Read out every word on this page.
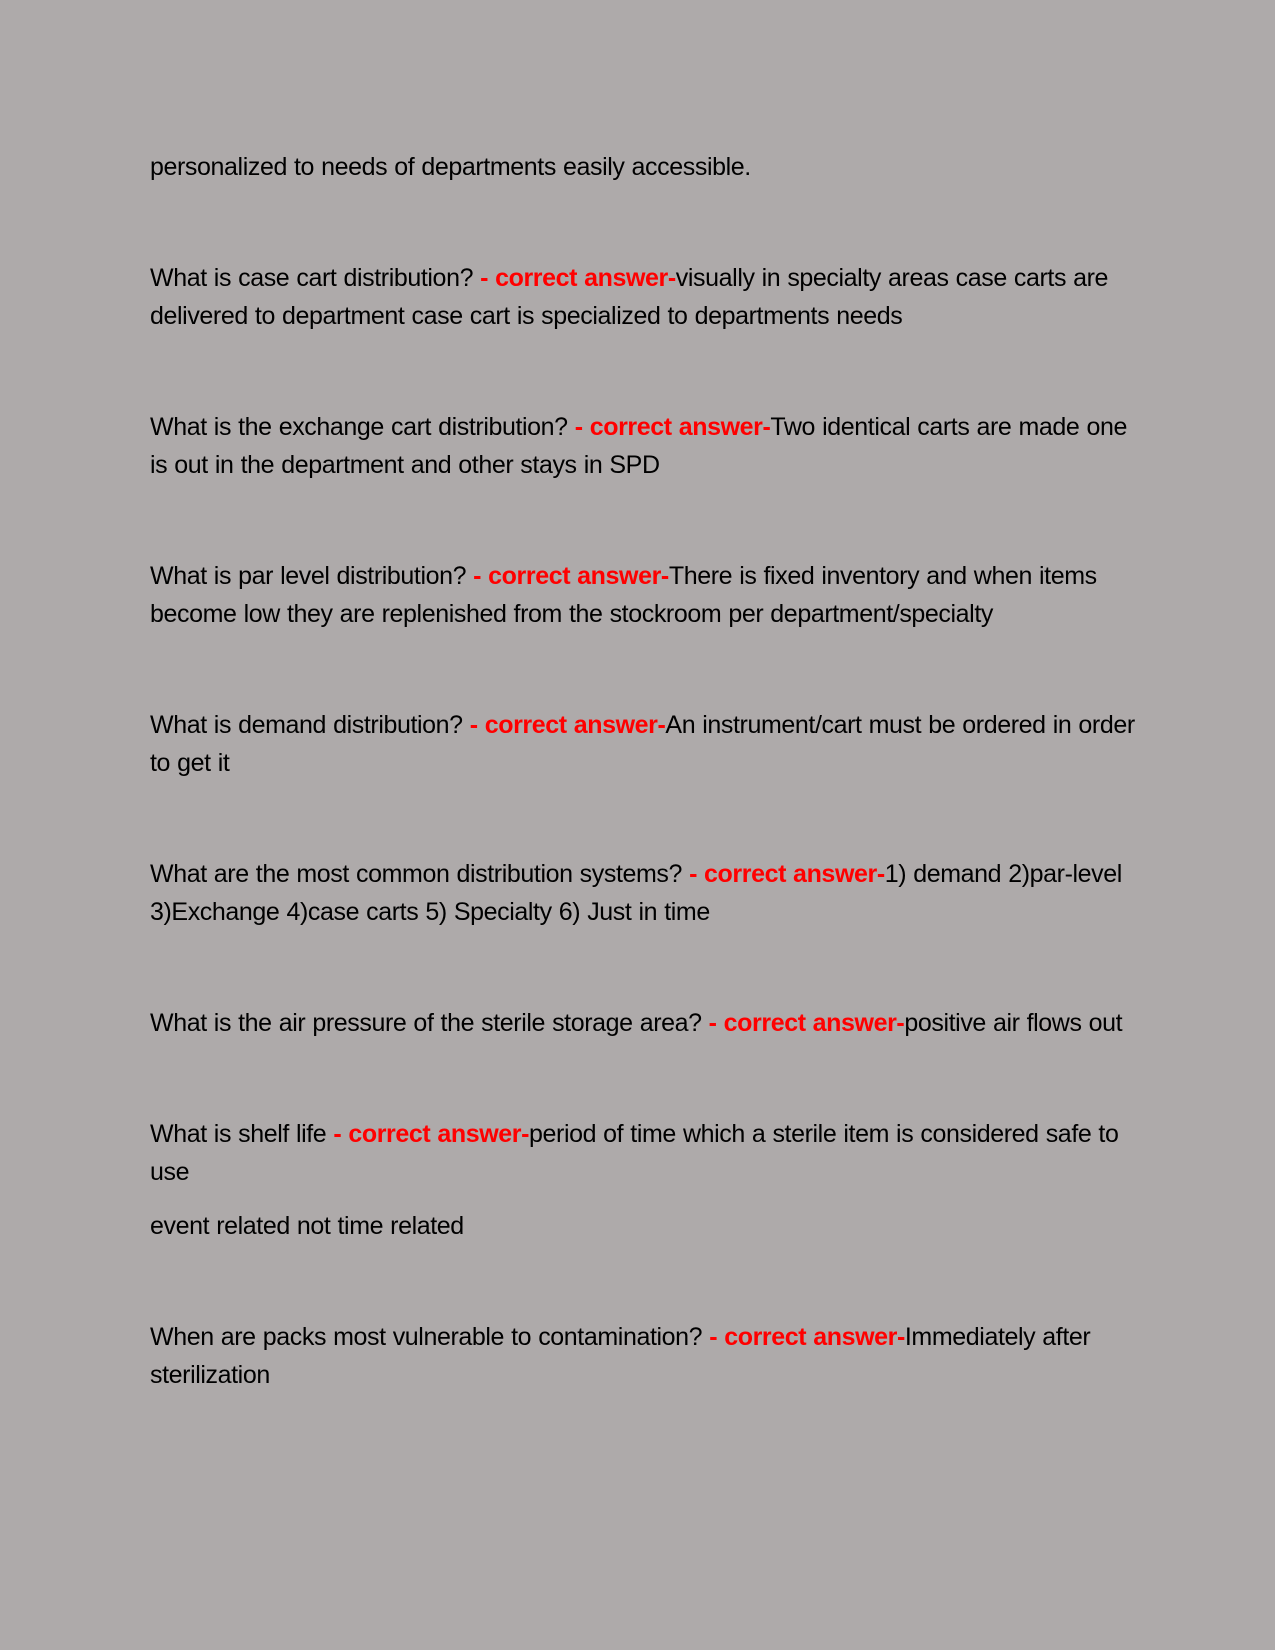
personalized to needs of departments easily accessible.

What is case cart distribution? - correct answer-visually in specialty areas case carts are delivered to department case cart is specialized to departments needs

What is the exchange cart distribution? - correct answer-Two identical carts are made one is out in the department and other stays in SPD

What is par level distribution? - correct answer-There is fixed inventory and when items become low they are replenished from the stockroom per department/specialty

What is demand distribution? - correct answer-An instrument/cart must be ordered in order to get it

What are the most common distribution systems? - correct answer-1) demand 2)par-level 3)Exchange 4)case carts 5) Specialty 6) Just in time

What is the air pressure of the sterile storage area? - correct answer-positive air flows out

What is shelf life - correct answer-period of time which a sterile item is considered safe to use

event related not time related

When are packs most vulnerable to contamination? - correct answer-Immediately after sterilization
